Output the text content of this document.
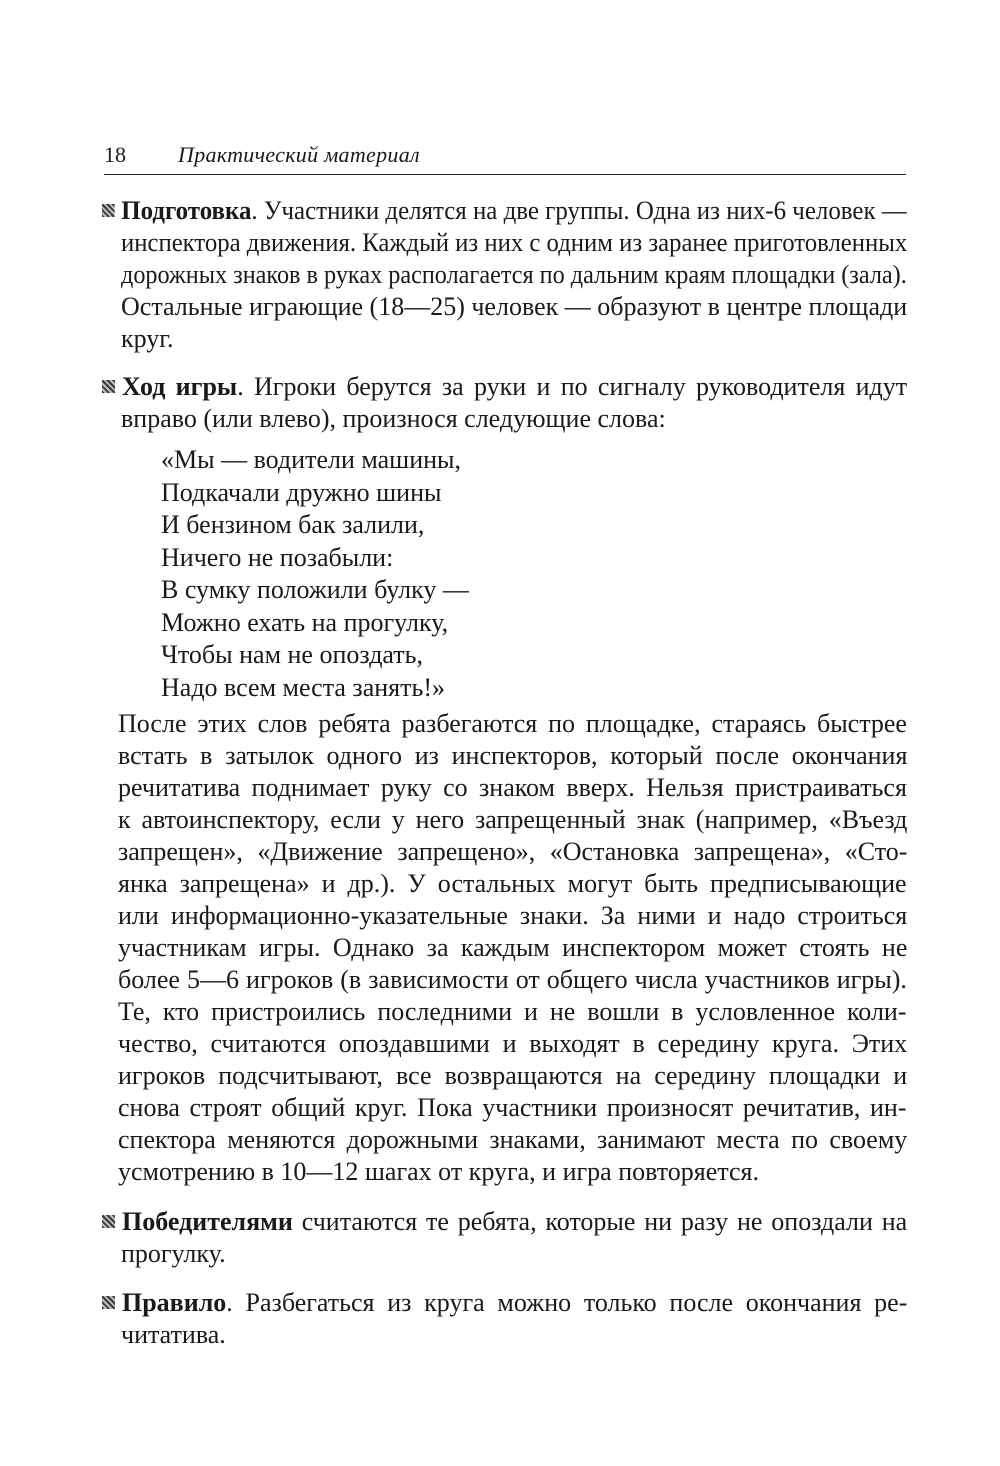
18 Практический материал
Подготовка. Участники делятся на две группы. Одна из них-6 человек —
инспектора движения. Каждый из них с одним из заранее приготовленных
дорожных знаков в руках располагается по дальним краям площадки (зала).
Остальные играющие (18—25) человек — образуют в центре площади
круг.
Ход игры. Игроки берутся за руки и по сигналу руководителя идут
вправо (или влево), произнося следующие слова:
«Мы — водители машины,
Подкачали дружно шины
И бензином бак залили,
Ничего не позабыли:
В сумку положили булку —
Можно ехать на прогулку,
Чтобы нам не опоздать,
Надо всем места занять!»
После этих слов ребята разбегаются по площадке, стараясь быстрее
встать в затылок одного из инспекторов, который после окончания
речитатива поднимает руку со знаком вверх. Нельзя пристраиваться
к автоинспектору, если у него запрещенный знак (например, «Въезд
запрещен», «Движение запрещено», «Остановка запрещена», «Сто-
янка запрещена» и др.). У остальных могут быть предписывающие
или информационно-указательные знаки. За ними и надо строиться
участникам игры. Однако за каждым инспектором может стоять не
более 5—6 игроков (в зависимости от общего числа участников игры).
Те, кто пристроились последними и не вошли в условленное коли-
чество, считаются опоздавшими и выходят в середину круга. Этих
игроков подсчитывают, все возвращаются на середину площадки и
снова строят общий круг. Пока участники произносят речитатив, ин-
спектора меняются дорожными знаками, занимают места по своему
усмотрению в 10—12 шагах от круга, и игра повторяется.
Победителями считаются те ребята, которые ни разу не опоздали на
прогулку.
Правило. Разбегаться из круга можно только после окончания ре-
читатива.
